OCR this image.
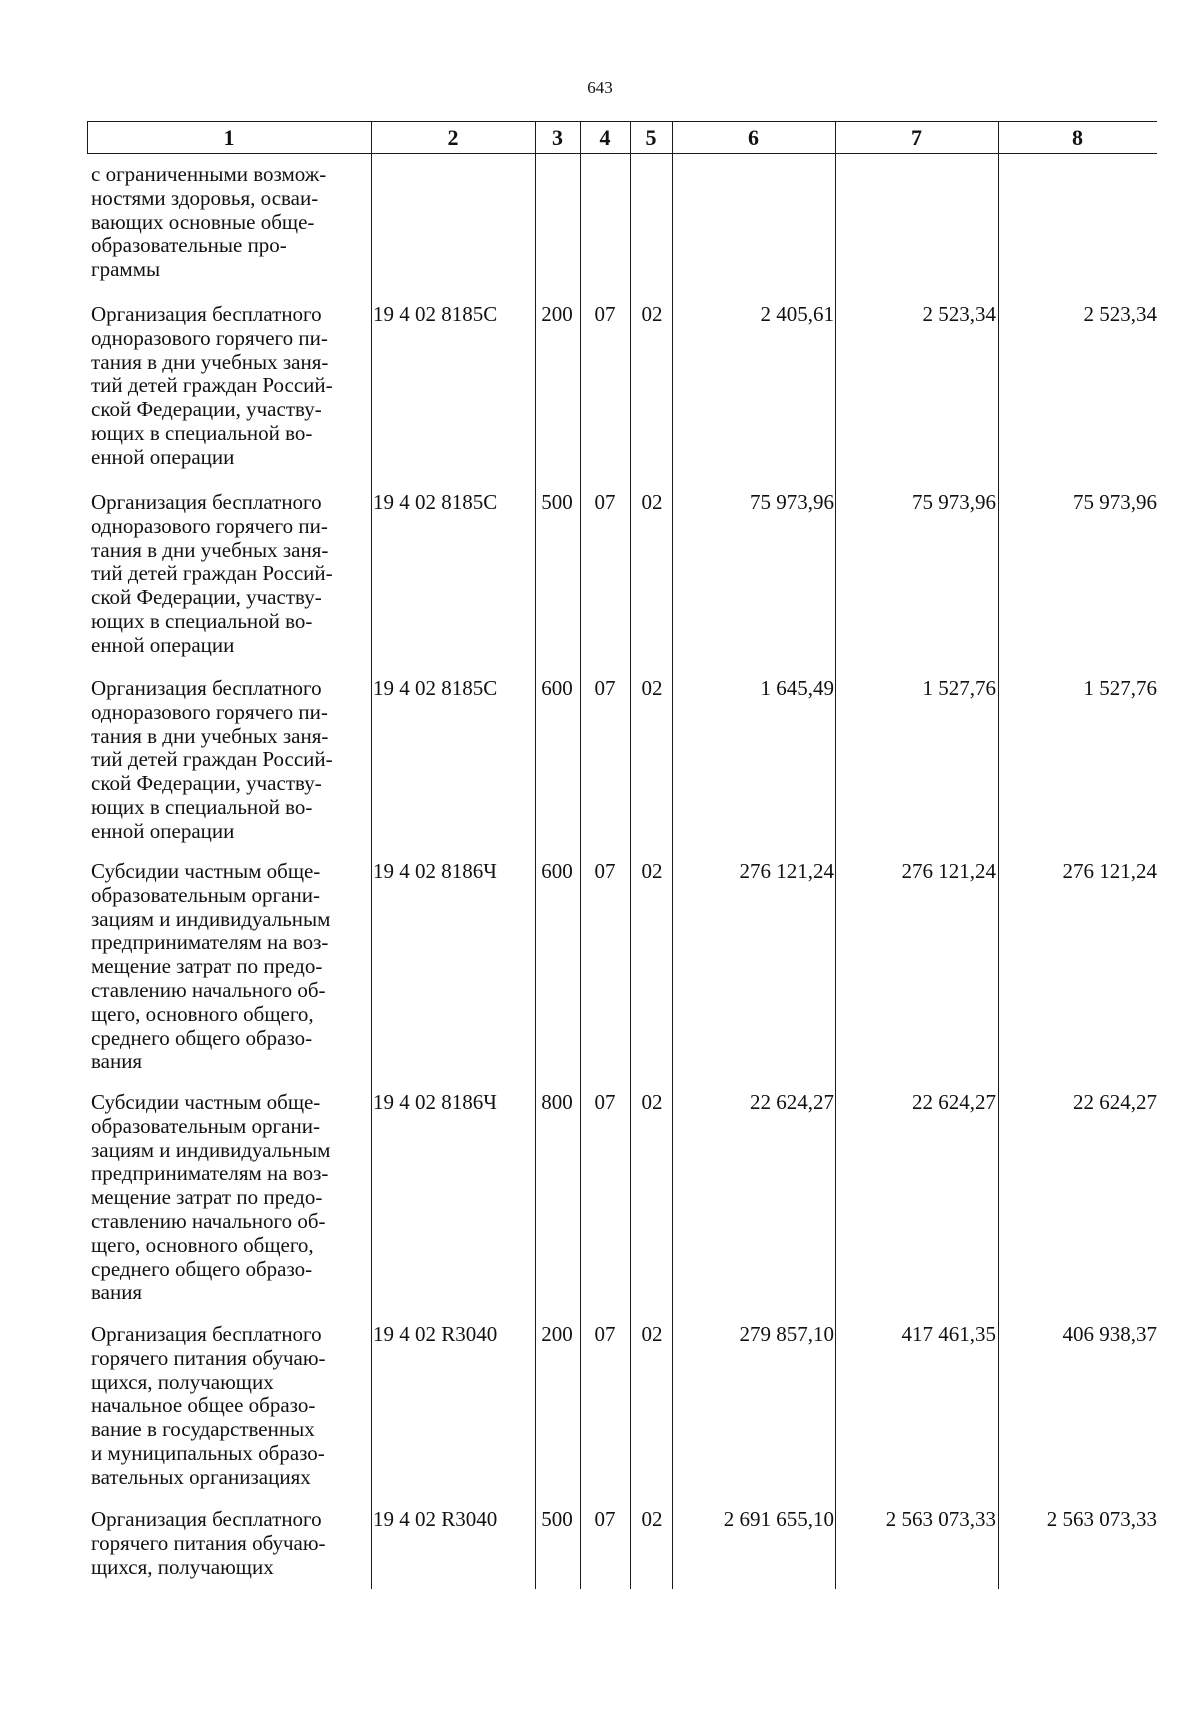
643
1	2	3	4	5	6	7	8
с ограниченными возмож-
ностями здоровья, осваи-
вающих основные обще-
образовательные про-
граммы
Организация бесплатного
одноразового горячего пи-
тания в дни учебных заня-
тий детей граждан Россий-
ской Федерации, участву-
ющих в специальной во-
енной операции
19 4 02 8185С	200	07	02	2 405,61	2 523,34	2 523,34
Организация бесплатного
одноразового горячего пи-
тания в дни учебных заня-
тий детей граждан Россий-
ской Федерации, участву-
ющих в специальной во-
енной операции
19 4 02 8185С	500	07	02	75 973,96	75 973,96	75 973,96
Организация бесплатного
одноразового горячего пи-
тания в дни учебных заня-
тий детей граждан Россий-
ской Федерации, участву-
ющих в специальной во-
енной операции
19 4 02 8185С	600	07	02	1 645,49	1 527,76	1 527,76
Субсидии частным обще-
образовательным органи-
зациям и индивидуальным
предпринимателям на воз-
мещение затрат по предо-
ставлению начального об-
щего, основного общего,
среднего общего образо-
вания
19 4 02 8186Ч	600	07	02	276 121,24	276 121,24	276 121,24
Субсидии частным обще-
образовательным органи-
зациям и индивидуальным
предпринимателям на воз-
мещение затрат по предо-
ставлению начального об-
щего, основного общего,
среднего общего образо-
вания
19 4 02 8186Ч	800	07	02	22 624,27	22 624,27	22 624,27
Организация бесплатного
горячего питания обучаю-
щихся, получающих
начальное общее образо-
вание в государственных
и муниципальных образо-
вательных организациях
19 4 02 R3040	200	07	02	279 857,10	417 461,35	406 938,37
Организация бесплатного
горячего питания обучаю-
щихся, получающих
19 4 02 R3040	500	07	02	2 691 655,10	2 563 073,33	2 563 073,33
